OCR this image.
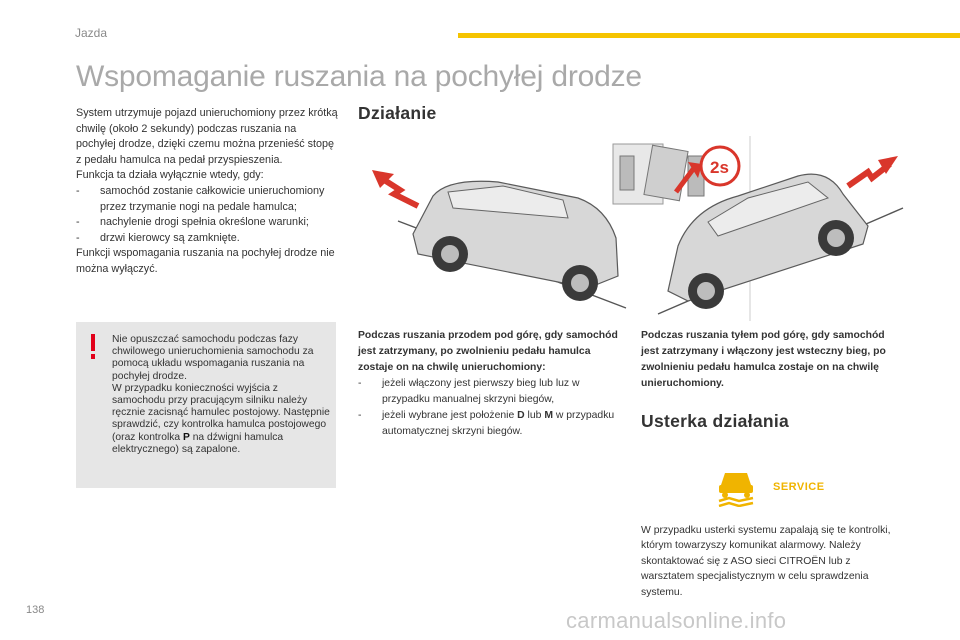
Jazda
Wspomaganie ruszania na pochyłej drodze

System utrzymuje pojazd unieruchomiony przez krótką chwilę (około 2 sekundy) podczas ruszania na pochyłej drodze, dzięki czemu można przenieść stopę z pedału hamulca na pedał przyspieszenia.

Funkcja ta działa wyłącznie wtedy, gdy:

-	samochód zostanie całkowicie unieruchomiony przez trzymanie nogi na pedale hamulca;
-	nachylenie drogi spełnia określone warunki;
-	drzwi kierowcy są zamknięte.

Funkcji wspomagania ruszania na pochyłej drodze nie można wyłączyć.

Nie opuszczać samochodu podczas fazy chwilowego unieruchomienia samochodu za pomocą układu wspomagania ruszania na pochyłej drodze.
W przypadku konieczności wyjścia z samochodu przy pracującym silniku należy ręcznie zacisnąć hamulec postojowy. Następnie sprawdzić, czy kontrolka hamulca postojowego (oraz kontrolka P na dźwigni hamulca elektrycznego) są zapalone.
Działanie
2s
Podczas ruszania przodem pod górę, gdy samochód jest zatrzymany, po zwolnieniu pedału hamulca zostaje on na chwilę unieruchomiony:
-	jeżeli włączony jest pierwszy bieg lub luz w przypadku manualnej skrzyni biegów,
-	jeżeli wybrane jest położenie D lub M w przypadku automatycznej skrzyni biegów.
Podczas ruszania tyłem pod górę, gdy samochód jest zatrzymany i włączony jest wsteczny bieg, po zwolnieniu pedału hamulca zostaje on na chwilę unieruchomiony.
Usterka działania
SERVICE
W przypadku usterki systemu zapalają się te kontrolki, którym towarzyszy komunikat alarmowy. Należy skontaktować się z ASO sieci CITROËN lub z warsztatem specjalistycznym w celu sprawdzenia systemu.
138	carmanualsonline.info
